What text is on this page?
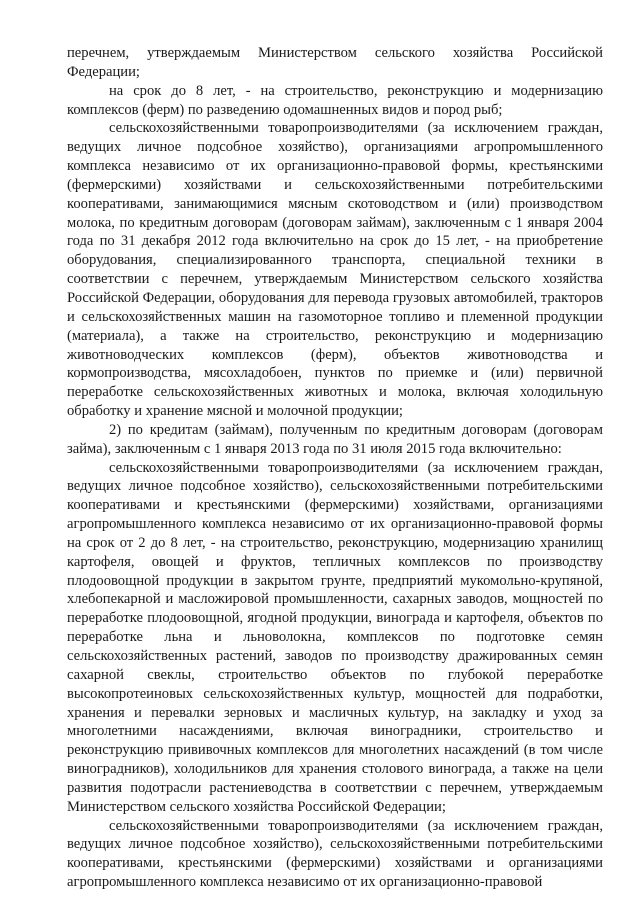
перечнем, утверждаемым Министерством сельского хозяйства Российской Федерации;

на срок до 8 лет, - на строительство, реконструкцию и модернизацию комплексов (ферм) по разведению одомашненных видов и пород рыб;

сельскохозяйственными товаропроизводителями (за исключением граждан, ведущих личное подсобное хозяйство), организациями агропромышленного комплекса независимо от их организационно-правовой формы, крестьянскими (фермерскими) хозяйствами и сельскохозяйственными потребительскими кооперативами, занимающимися мясным скотоводством и (или) производством молока, по кредитным договорам (договорам займам), заключенным с 1 января 2004 года по 31 декабря 2012 года включительно на срок до 15 лет, - на приобретение оборудования, специализированного транспорта, специальной техники в соответствии с перечнем, утверждаемым Министерством сельского хозяйства Российской Федерации, оборудования для перевода грузовых автомобилей, тракторов и сельскохозяйственных машин на газомоторное топливо и племенной продукции (материала), а также на строительство, реконструкцию и модернизацию животноводческих комплексов (ферм), объектов животноводства и кормопроизводства, мясохладобоен, пунктов по приемке и (или) первичной переработке сельскохозяйственных животных и молока, включая холодильную обработку и хранение мясной и молочной продукции;

2) по кредитам (займам), полученным по кредитным договорам (договорам займа), заключенным с 1 января 2013 года по 31 июля 2015 года включительно:

сельскохозяйственными товаропроизводителями (за исключением граждан, ведущих личное подсобное хозяйство), сельскохозяйственными потребительскими кооперативами и крестьянскими (фермерскими) хозяйствами, организациями агропромышленного комплекса независимо от их организационно-правовой формы на срок от 2 до 8 лет, - на строительство, реконструкцию, модернизацию хранилищ картофеля, овощей и фруктов, тепличных комплексов по производству плодоовощной продукции в закрытом грунте, предприятий мукомольно-крупяной, хлебопекарной и масложировой промышленности, сахарных заводов, мощностей по переработке плодоовощной, ягодной продукции, винограда и картофеля, объектов по переработке льна и льноволокна, комплексов по подготовке семян сельскохозяйственных растений, заводов по производству дражированных семян сахарной свеклы, строительство объектов по глубокой переработке высокопротеиновых сельскохозяйственных культур, мощностей для подработки, хранения и перевалки зерновых и масличных культур, на закладку и уход за многолетними насаждениями, включая виноградники, строительство и реконструкцию прививочных комплексов для многолетних насаждений (в том числе виноградников), холодильников для хранения столового винограда, а также на цели развития подотрасли растениеводства в соответствии с перечнем, утверждаемым Министерством сельского хозяйства Российской Федерации;

сельскохозяйственными товаропроизводителями (за исключением граждан, ведущих личное подсобное хозяйство), сельскохозяйственными потребительскими кооперативами, крестьянскими (фермерскими) хозяйствами и организациями агропромышленного комплекса независимо от их организационно-правовой
